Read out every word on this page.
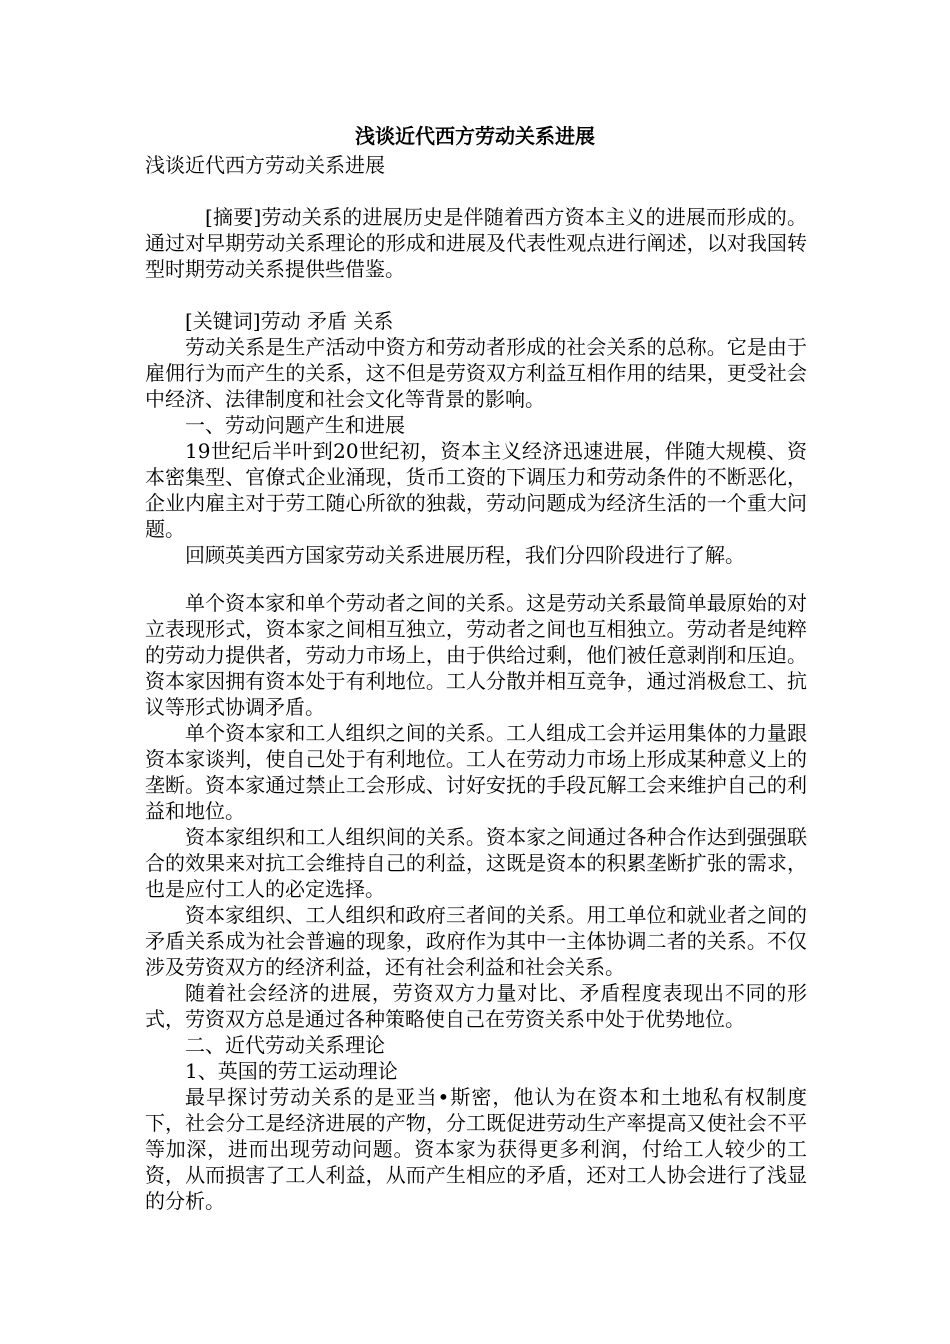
浅谈近代西方劳动关系进展

浅谈近代西方劳动关系进展

[摘要]劳动关系的进展历史是伴随着西方资本主义的进展而形成的。通过对早期劳动关系理论的形成和进展及代表性观点进行阐述，以对我国转型时期劳动关系提供些借鉴。

[关键词]劳动 矛盾 关系

劳动关系是生产活动中资方和劳动者形成的社会关系的总称。它是由于雇佣行为而产生的关系，这不但是劳资双方利益互相作用的结果，更受社会中经济、法律制度和社会文化等背景的影响。

一、劳动问题产生和进展

19世纪后半叶到20世纪初，资本主义经济迅速进展，伴随大规模、资本密集型、官僚式企业涌现，货币工资的下调压力和劳动条件的不断恶化，企业内雇主对于劳工随心所欲的独裁，劳动问题成为经济生活的一个重大问题。

回顾英美西方国家劳动关系进展历程，我们分四阶段进行了解。

单个资本家和单个劳动者之间的关系。这是劳动关系最简单最原始的对立表现形式，资本家之间相互独立，劳动者之间也互相独立。劳动者是纯粹的劳动力提供者，劳动力市场上，由于供给过剩，他们被任意剥削和压迫。资本家因拥有资本处于有利地位。工人分散并相互竞争，通过消极怠工、抗议等形式协调矛盾。

单个资本家和工人组织之间的关系。工人组成工会并运用集体的力量跟资本家谈判，使自己处于有利地位。工人在劳动力市场上形成某种意义上的垄断。资本家通过禁止工会形成、讨好安抚的手段瓦解工会来维护自己的利益和地位。

资本家组织和工人组织间的关系。资本家之间通过各种合作达到强强联合的效果来对抗工会维持自己的利益，这既是资本的积累垄断扩张的需求，也是应付工人的必定选择。

资本家组织、工人组织和政府三者间的关系。用工单位和就业者之间的矛盾关系成为社会普遍的现象，政府作为其中一主体协调二者的关系。不仅涉及劳资双方的经济利益，还有社会利益和社会关系。

随着社会经济的进展，劳资双方力量对比、矛盾程度表现出不同的形式，劳资双方总是通过各种策略使自己在劳资关系中处于优势地位。

二、近代劳动关系理论

1、英国的劳工运动理论

最早探讨劳动关系的是亚当•斯密，他认为在资本和土地私有权制度下，社会分工是经济进展的产物，分工既促进劳动生产率提高又使社会不平等加深，进而出现劳动问题。资本家为获得更多利润，付给工人较少的工资，从而损害了工人利益，从而产生相应的矛盾，还对工人协会进行了浅显的分析。
